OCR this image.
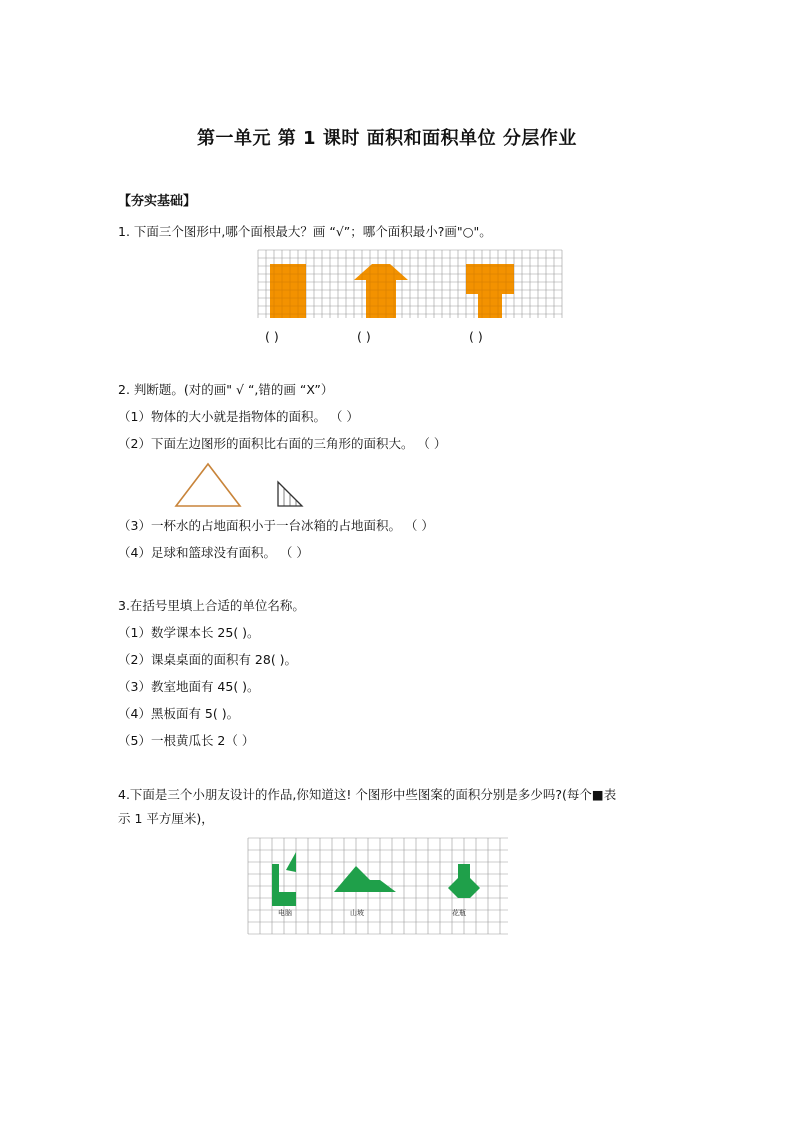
第一单元 第 1 课时 面积和面积单位 分层作业
【夯实基础】
1. 下面三个图形中,哪个面根最大？画 “√”；哪个面积最小?画"○"。
( )	( )	( )
2. 判断题。(对的画" √ “,错的画 “X”）
（1）物体的大小就是指物体的面积。 （ ）
（2）下面左边图形的面积比右面的三角形的面积大。 （ ）
（3）一杯水的占地面积小于一台冰箱的占地面积。 （ ）
（4）足球和篮球没有面积。 （ ）
3.在括号里填上合适的单位名称。
（1）数学课本长 25( )。
（2）课桌桌面的面积有 28( )。
（3）教室地面有 45( )。
（4）黑板面有 5( )。
（5）一根黄瓜长 2（ ）
4.下面是三个小朋友设计的作品,你知道这! 个图形中些图案的面积分别是多少吗?(每个■表
示 1 平方厘米)，
电脑	山坡	花瓶
